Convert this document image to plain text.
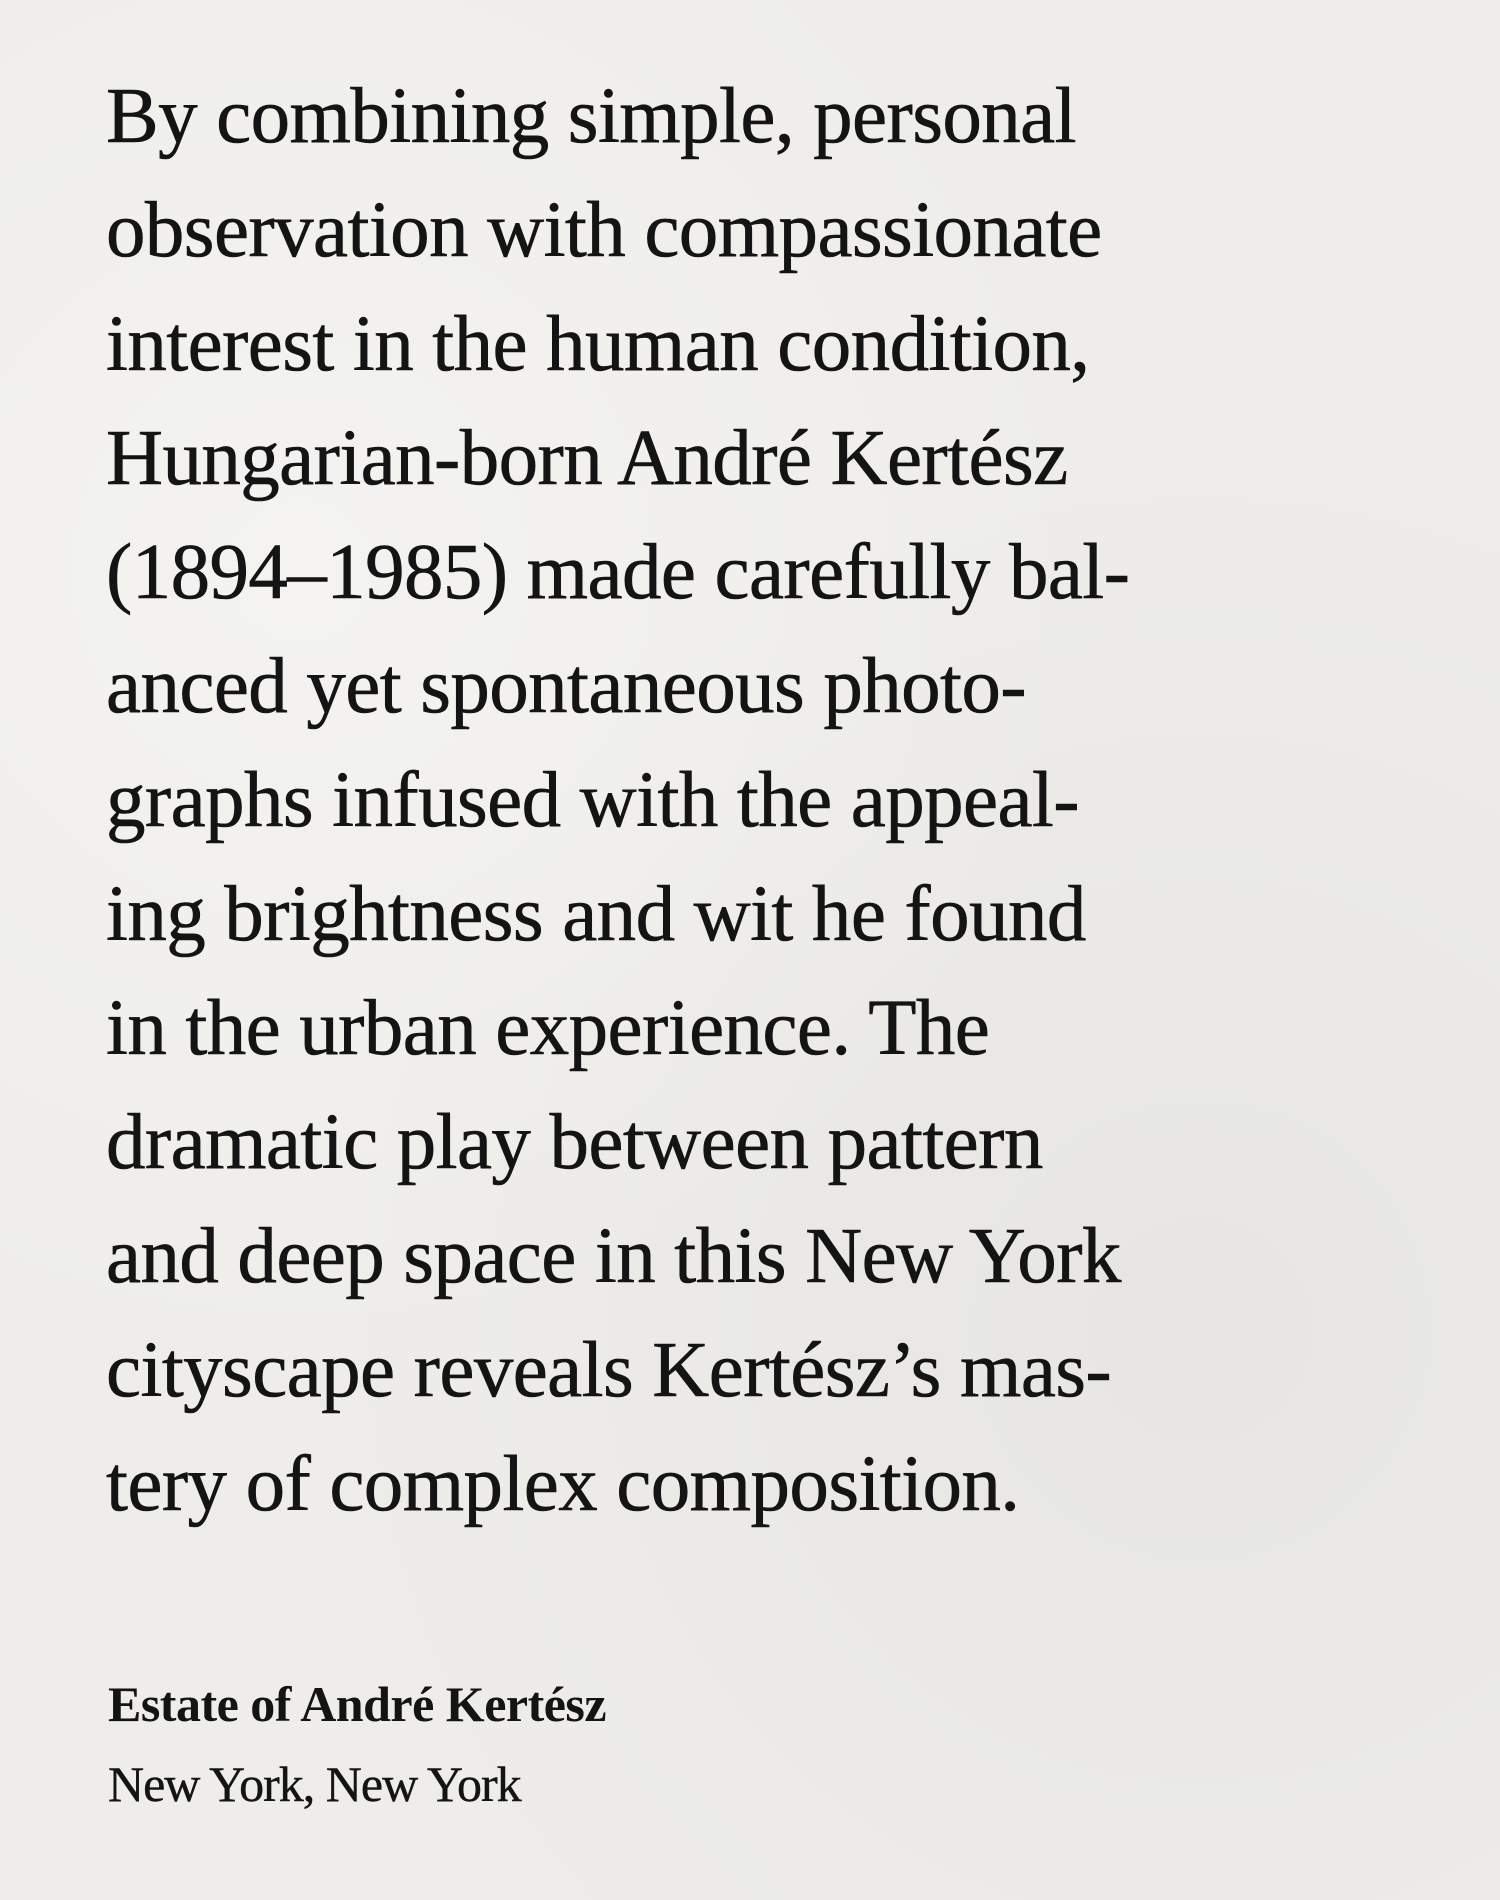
By combining simple, personal
observation with compassionate
interest in the human condition,
Hungarian-born André Kertész
(1894–1985) made carefully bal-
anced yet spontaneous photo-
graphs infused with the appeal-
ing brightness and wit he found
in the urban experience. The
dramatic play between pattern
and deep space in this New York
cityscape reveals Kertész’s mas-
tery of complex composition.
Estate of André Kertész
New York, New York
